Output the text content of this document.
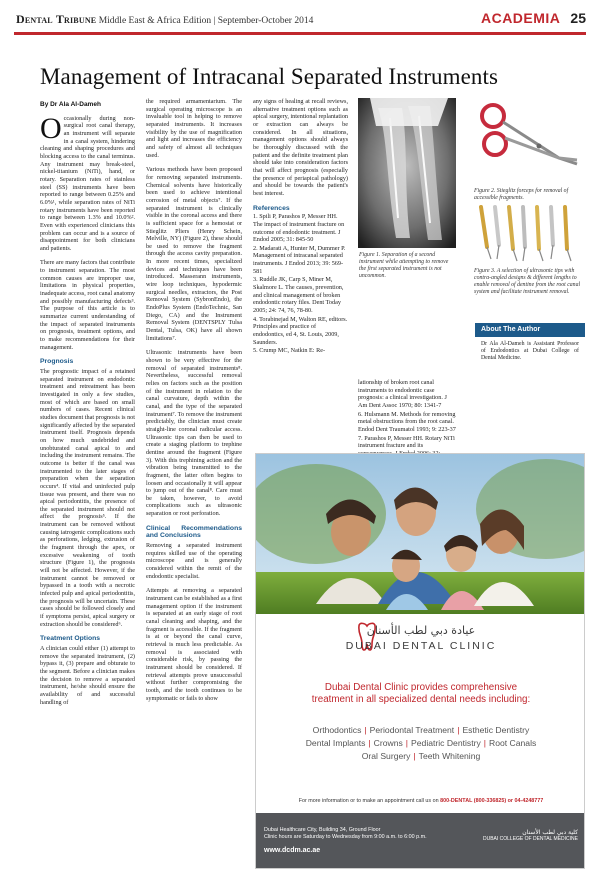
Dental Tribune Middle East & Africa Edition | September-October 2014	ACADEMIA 25
Management of Intracanal Separated Instruments
By Dr Ala Al-Dameh

Occasionally during non-surgical root canal therapy, an instrument will separate in a canal system, hindering cleaning and shaping procedures and blocking access to the canal terminus. Any instrument may break-steel, nickel-titanium (NiTi), hand, or rotary. Separation rates of stainless steel (SS) instruments have been reported to range between 0.25% and 6.0%¹, while separation rates of NiTi rotary instruments have been reported to range between 1.3% and 10.0%². Even with experienced clinicians this problem can occur and is a source of disappointment for both clinicians and patients.

There are many factors that contribute to instrument separation. The most common causes are improper use, limitations in physical properties, inadequate access, root canal anatomy and possibly manufacturing defects³. The purpose of this article is to summarize current understanding of the impact of separated instruments on prognosis, treatment options, and to make recommendations for their management.

Prognosis

The prognostic impact of a retained separated instrument on endodontic treatment and retreatment has been investigated in only a few studies, most of which are based on small numbers of cases. Recent clinical studies document that prognosis is not significantly affected by the separated instrument itself. Prognosis depends on how much undebrided and unobturated canal apical to and including the instrument remains. The outcome is better if the canal was instrumented to the later stages of preparation when the separation occurs⁴. If vital and uninfected pulp tissue was present, and there was no apical periodontitis, the presence of the separated instrument should not affect the prognosis⁵. If the instrument can be removed without causing iatrogenic complications such as perforations, ledging, extrusion of the fragment through the apex, or excessive weakening of tooth structure (Figure 1), the prognosis will not be affected. However, if the instrument cannot be removed or bypassed in a tooth with a necrotic infected pulp and apical periodontitis, the prognosis will be uncertain. These cases should be followed closely and if symptoms persist, apical surgery or extraction should be considered⁶.

Treatment Options

A clinician could either (1) attempt to remove the separated instrument, (2) bypass it, (3) prepare and obturate to the segment. Before a clinician makes the decision to remove a separated instrument, he/she should ensure the availability of and successful handling of

the required armamentarium. The surgical operating microscope is an invaluable tool in helping to remove separated instruments. It increases visibility by the use of magnification and light and increases the efficiency and safety of almost all techniques used.

Various methods have been proposed for removing separated instruments. Chemical solvents have historically been used to achieve intentional corrosion of metal objects⁷. If the separated instrument is clinically visible in the coronal access and there is sufficient space for a hemostat or Stieglitz Pliers (Henry Schein, Melville, NY) (Figure 2), these should be used to remove the fragment through the access cavity preparation. In more recent times, specialized devices and techniques have been introduced. Masserann instruments, wire loop techniques, hypodermic surgical needles, extractors, the Post Removal System (SybronEndo), the EndoPlus System (EndoTechnic, San Diego, CA) and the Instrument Removal System (DENTSPLY Tulsa Dental, Tulsa, OK) have all shown limitations⁷.

Ultrasonic instruments have been shown to be very effective for the removal of separated instruments⁸. Nevertheless, successful removal relies on factors such as the position of the instrument in relation to the canal curvature, depth within the canal, and the type of the separated instrument⁷. To remove the instrument predictably, the clinician must create straight-line coronal radicular access. Ultrasonic tips can then be used to create a staging platform to trephine dentine around the fragment (Figure 3). With this trephining action and the vibration being transmitted to the fragment, the latter often begins to loosen and occasionally it will appear to jump out of the canal⁸. Care must be taken, however, to avoid complications such as ultrasonic separation or root perforation.

Clinical Recommendations and Conclusions

Removing a separated instrument requires skilled use of the operating microscope and is generally considered within the remit of the endodontic specialist.

Attempts at removing a separated instrument can be established as a first management option if the instrument is separated at an early stage of root canal cleaning and shaping, and the fragment is accessible. If the fragment is at or beyond the canal curve, retrieval is much less predictable. As removal is associated with considerable risk, by passing the instrument should be considered. If retrieval attempts prove unsuccessful without further compromising the tooth, and the tooth continues to be symptomatic or fails to show

any signs of healing at recall reviews, alternative treatment options such as apical surgery, intentional replantation or extraction can always be considered. In all situations, management options should always be thoroughly discussed with the patient and the definite treatment plan should take into consideration factors that will affect prognosis (especially the presence of periapical pathology) and should be towards the patient's best interest.

References
1. Spili P, Parashos P, Messer HH. The impact of instrument fracture on outcome of endodontic treatment. J Endod 2005; 31: 845-50
2. Madarati A, Hunter M, Dummer P. Management of intracanal separated instruments. J Endod 2013; 39: 569-581
3. Ruddle JK, Carp S, Miner M, Skalmore L. The causes, prevention, and clinical management of broken endodontic rotary files. Dent Today 2005; 24: 74, 76, 78-80.
4. Torabinejad M, Walton RE, editors. Principles and practice of endodontics, ed 4, St. Louis, 2009, Saunders.
5. Crump MC, Natkin E: Re-
lationship of broken root canal instruments to endodontic case prognosis: a clinical investigation. J Am Dent Assoc 1970; 80: 1341-7
6. Hulsmann M. Methods for removing metal obstructions from the root canal. Endod Dent Traumatol 1993; 9: 223-37
7. Parashos P, Messer HH. Rotary NiTi instrument fracture and its
Figure 1. Separation of a second instrument while attempting to remove the first separated instrument is not uncommon.
Figure 2. Stieglitz forceps for removal of accessible fragments.
Figure 3. A selection of ultrasonic tips with contra-angled designs & different lengths to enable removal of dentine from the root canal system and facilitate instrument removal.
About The Author
Dr Ala Al-Dameh is Assistant Professor of Endodontics at Dubai College of Dental Medicine.
عيادة دبي لطب الأسنان
DUBAI DENTAL CLINIC
Dubai Dental Clinic provides comprehensive
treatment in all specialized dental needs including:
Orthodontics | Periodontal Treatment | Esthetic Dentistry
Dental Implants | Crowns | Pediatric Dentistry | Root Canals
Oral Surgery | Teeth Whitening
For more information or to make an appointment call us on 800-DENTAL (800-336825) or 04-4248777
Dubai Healthcare City, Building 34, Ground Floor
Clinic hours are Saturday to Wednesday from 9:00 a.m. to 6:00 p.m.
www.dcdm.ac.ae
كلية دبي لطب الأسنان
DUBAI COLLEGE OF DENTAL MEDICINE
